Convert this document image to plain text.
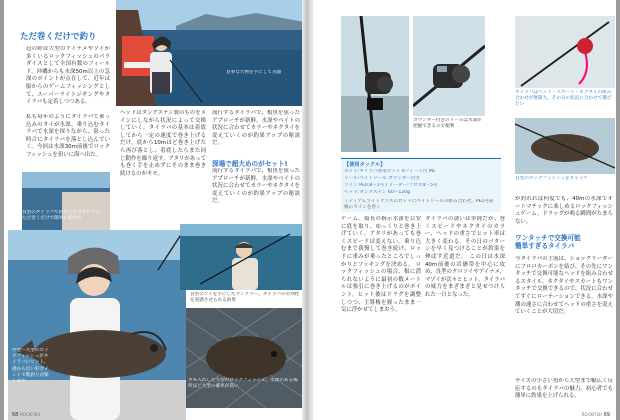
見事な大物を手にして笑顔
ただ巻くだけで釣り
冠の峠は大型のアイナメやソイが多くいるロックフィッシュのパラダイスとして全国有数のフィールド。沖磯からも水深50m以上の急深のポイントが点在して、近年は船からのゲームフィッシングとして、スーパーライトジギングやタイラバも定着しつつある。
私も毎年のようにタイラバで乗っ込みのタイが水深、乗り込むタイラバで水深を探りながら、狙った時合にタイラバを落とし込んでいく。今回は水深30m前後でロックフィッシュを狙いに海へ出た。
良型のタイラバで釣り上げたクロソイ。ただ巻くだけで簡単に釣れた
中型〜大型のロックフィッシュがタイラバにヒット。港から近い好ポイントで数釣りが楽しめた
ヘッドはタングステン製のものをメインにしながら状況によって交換していく。タイラバの基本は着底してから一定の速度で巻き上げるだけ。底から10mほど巻き上げたら再び落とし、着底したらまた同じ動作を繰り返す。アタリがあっても巻く手を止めずにそのまま巻き続けるのがキモ。
流行するタイラバで、根魚を狙ったアプローチが新鮮。水深やベイトの状況に合わせてカラーやネクタイを変えていくのが釣果アップの秘訣だ。
深場で超大めのがセット!
流行するタイラバで、根魚を狙ったアプローチが新鮮。水深やベイトの状況に合わせてカラーやネクタイを変えていくのが釣果アップの秘訣だ。
良型のソイを手にしたアングラー。タイラバの有効性を実感させられる釣果
タモ入れした大型のロックフィッシュ。水深のある場所ほど大型の確率が高い
68 ROCKFISH
カウンター付きのリールは水深が把握できるので便利
【使用タックル】
ロッド:タイラバ専用ロッド 6フィート台 ML
リール:ベイトリール カウンター付き
ライン:PE0.8〜1号 / リーダー:フロロ4〜5号
ヘッド:タングステン 60〜120g
ミディアムライトクラスのロッドにベイトリールの組み合わせ。PE1号前後のラインを巻く
ゲーム。船長の指示水深を目安に底を取り、ゆっくりと巻き上げていく。アタリがあっても巻くスピードは変えない。乗り込むまで我慢して巻き続け、ロッドに重みが乗ったところでしっかりとフッキングを決める。 ロックフィッシュの場合、根に潜られないように最初の数メートルは強引に巻き上げるのがポイント。ヒット後はドラグを調整しつつ、主導権を握ったまま一気に浮かせてしまおう。
タイラバの誘いは単純だが、巻くスピードやネクタイのカラー、ヘッドの重さでヒット率は大きく変わる。その日のパターンを早く見つけることが釣果を伸ばす近道だ。 この日は水深40m前後の岩礁帯を中心に攻め、良型のクロソイやアイナメ、マゾイが次々とヒット。タイラバの威力をまざまざと見せつけられた一日となった。
タイラバはヘッド・スカート・ネクタイの組み合わせが無限大。その日の状況に合わせて選びたい
良型のロックフィッシュをキャッチ
が釣れれば何度でも、40mの水深でオートマチックに楽しめるロックフィッシュゲーム。ドラッグが鳴る瞬間がたまらない。
ワンタッチで交換可能
簡単すぎるタイラバ
今タイラバの主流は、ショックリーダーにフロロカーボンを結び、その先にワンタッチで交換可能なヘッドを組み合わせるスタイル。ネクタイやスカートもワンタッチで交換できるので、状況に合わせてすぐにローテーションできる。水深や潮の速さに合わせてヘッドの重さを変えていくことが大切だ。
サイズの小さい魚から大型まで幅広く反応するのもタイラバの魅力。初心者でも簡単に釣果を上げられる。
ROCKFISH 69
